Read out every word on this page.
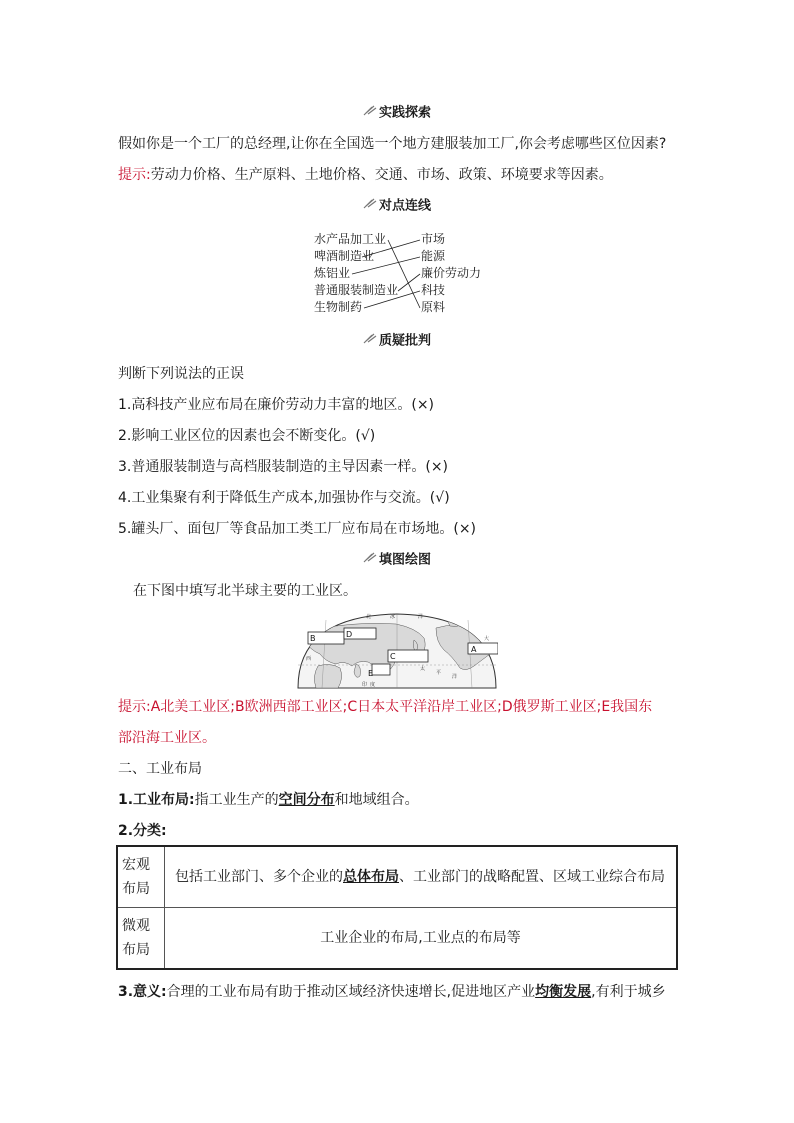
实践探索
假如你是一个工厂的总经理,让你在全国选一个地方建服装加工厂,你会考虑哪些区位因素?
提示:劳动力价格、生产原料、土地价格、交通、市场、政策、环境要求等因素。
对点连线
水产品加工业
啤酒制造业
炼铝业
普通服装制造业
生物制药
市场
能源
廉价劳动力
科技
原料
质疑批判
判断下列说法的正误
1.高科技产业应布局在廉价劳动力丰富的地区。(×)
2.影响工业区位的因素也会不断变化。(√)
3.普通服装制造与高档服装制造的主导因素一样。(×)
4.工业集聚有利于降低生产成本,加强协作与交流。(√)
5.罐头厂、面包厂等食品加工类工厂应布局在市场地。(×)
填图绘图
在下图中填写北半球主要的工业区。
B	D
C
E
A
北	冰	洋
太
平
洋
大
西
印 度
提示:A北美工业区;B欧洲西部工业区;C日本太平洋沿岸工业区;D俄罗斯工业区;E我国东
部沿海工业区。
二、工业布局
1.工业布局:指工业生产的空间分布和地域组合。
2.分类:
宏观布局	包括工业部门、多个企业的总体布局、工业部门的战略配置、区域工业综合布局
微观布局	工业企业的布局,工业点的布局等
3.意义:合理的工业布局有助于推动区域经济快速增长,促进地区产业均衡发展,有利于城乡
